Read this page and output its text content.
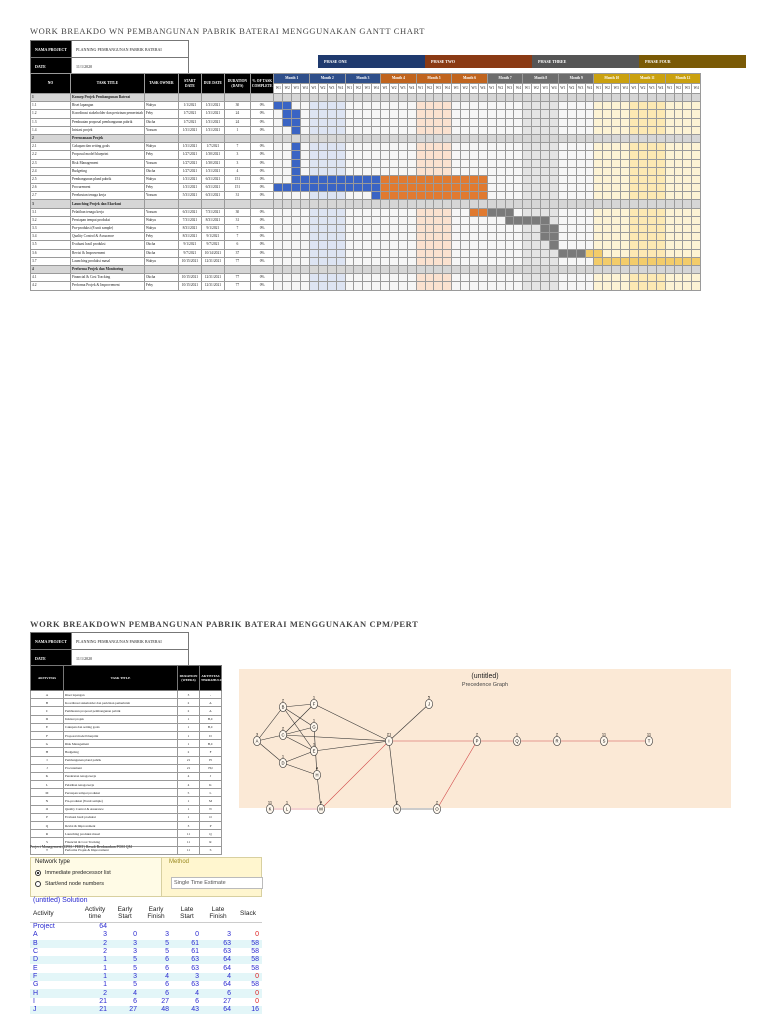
WORK BREAKDO WN PEMBANGUNAN PABRIK BATERAI MENGGUNAKAN GANTT CHART
NAMA PROJECT	PLANNING PEMBANGUNAN PABRIK BATERAI
DATE	11/1/2020
PHASE ONE	PHASE TWO	PHASE THREE	PHASE FOUR
NO	TASK TITLE	TASK OWNER	START DATE	DUE DATE	DURATION (DAYS)	% OF TASK COMPLETE	Month 1				Month 2				Month 3				Month 4				Month 5				Month 6				Month 7				Month 8				Month 9				Month 10				Month 11				Month 12			
							W1	W2	W3	W4	W1	W2	W3	W4	W1	W2	W3	W4	W1	W2	W3	W4	W1	W2	W3	W4	W1	W2	W3	W4	W1	W2	W3	W4	W1	W2	W3	W4	W1	W2	W3	W4	W1	W2	W3	W4	W1	W2	W3	W4	W1	W2	W3	W4
1	Konsep Projek Pembangunan Baterai																																																					
1.1	Riset lapangan	Wahyu	1/1/2021	1/31/2021	30	0%																																																
1.2	Koordinasi stakeholder dan perizinan pemerintah	Feby	1/7/2021	1/31/2021	24	0%																																																
1.3	Pembuatan proposal pembangunan pabrik	Okcha	1/7/2021	1/31/2021	24	0%																																																
1.4	Inisiasi projek	Yozuan	1/31/2021	1/31/2021	1	0%																																																
2	Perencanaan Projek																																																					
2.1	Cakupan dan setting goals	Wahyu	1/31/2021	1/7/2021	7	0%																																																
2.2	Proposal model blueprint	Feby	1/27/2021	1/30/2021	3	0%																																																
2.3	Risk Management	Yozuan	1/27/2021	1/30/2021	3	0%																																																
2.4	Budgeting	Okcha	1/27/2021	1/31/2021	4	0%																																																
2.5	Pembangunan pland pabrik	Wahyu	1/31/2021	6/31/2021	151	0%																																																
2.6	Procurement	Feby	1/31/2021	6/31/2021	151	0%																																																
2.7	Perekrutan tenaga kerja	Yozuan	5/31/2021	6/31/2021	31	0%																																																
3	Launching Projek dan Eksekusi																																																					
3.1	Pelatihan tenaga kerja	Yozuan	6/31/2021	7/31/2021	30	0%																																																
3.2	Persiapan tempat produksi	Wahyu	7/31/2021	8/31/2021	31	0%																																																
3.3	Pra-produksi (8 unit sample)	Wahyu	8/31/2021	9/1/2021	7	0%																																																
3.4	Quality Control & Assurance	Feby	8/31/2021	9/1/2021	7	0%																																																
3.5	Evaluasi hasil produksi	Okcha	9/1/2021	9/7/2021	6	0%																																																
3.6	Revisi & Improvement	Okcha	9/7/2021	10/14/2021	37	0%																																																
3.7	Launching produksi masal	Wahyu	10/15/2021	12/31/2021	77	0%																																																
4	Performa Projek dan Monitoring																																																					
4.1	Financial & Cost Tracking	Okcha	10/15/2021	12/31/2021	77	0%																																																
4.2	Performa Projek & Improvement	Feby	10/15/2021	12/31/2021	77	0%																																																
WORK BREAKDOWN PEMBANGUNAN PABRIK BATERAI MENGGUNAKAN CPM/PERT
NAMA PROJECT	PLANNING PEMBANGUNAN PABRIK BATERAI
DATE	11/1/2020
AKTIVITAS	TASK TITLE	DURATION (WEEKS)	AKTIVITAS TERDAHULU
A	Riset lapangan	3	-
B	Koordinasi stakeholder dan perizinan pemerintah	2	A
C	Pembuatan proposal pembangunan pabrik	2	A
D	Inisiasi projek	1	B,C
E	Cakupan dan setting goals	1	B,C
F	Proposal model blueprint	1	D
G	Risk Management	1	B,C
H	Budgeting	2	F
I	Pembangunan pland pabrik	21	H
J	Procurement	21	H,I
K	Perekrutan tenaga kerja	4	J
L	Pelatihan tenaga kerja	4	K
M	Persiapan tempat produksi	5	L
N	Pra-produksi (8 unit sample)	1	M
O	Quality Control & Assurance	1	N
P	Evaluasi hasil produksi	1	O
Q	Revisi & Improvement	3	P
R	Launching produksi masal	11	Q
S	Financial & Cost Tracking	11	R
T	Performa Projek & Improvement	11	S
(untitled)
Precedence Graph
A
3
B
2
C
2
D
1
E
1
F
1
G
1
H
4
I
21
J
5
K
11
L
1
M
4
N
2
O
2
P
2
Q
1
R
2
S
11
T
11
Project Management (CPM / PERT) Result Berdasarkan POM QM
Network type
Immediate predecessor list
Start/end node numbers
Method
Single Time Estimate
(untitled) Solution
Activity	Activity time	Early Start	Early Finish	Late Start	Late Finish	Slack
Project	64					
A	3	0	3	0	3	0
B	2	3	5	61	63	58
C	2	3	5	61	63	58
D	1	5	6	63	64	58
E	1	5	6	63	64	58
F	1	3	4	3	4	0
G	1	5	6	63	64	58
H	2	4	6	4	6	0
I	21	6	27	6	27	0
J	21	27	48	43	64	16
